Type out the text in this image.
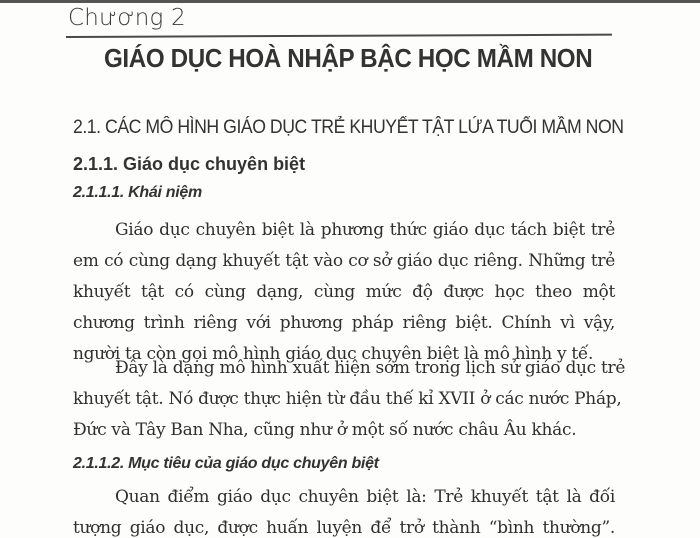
Chương 2
GIÁO DỤC HOÀ NHẬP BẬC HỌC MẦM NON
2.1. CÁC MÔ HÌNH GIÁO DỤC TRẺ KHUYẾT TẬT LỨA TUỔI MẦM NON
2.1.1. Giáo dục chuyên biệt
2.1.1.1. Khái niệm
Giáo dục chuyên biệt là phương thức giáo dục tách biệt trẻ
em có cùng dạng khuyết tật vào cơ sở giáo dục riêng. Những trẻ
khuyết tật có cùng dạng, cùng mức độ được học theo một
chương trình riêng với phương pháp riêng biệt. Chính vì vậy,
người ta còn gọi mô hình giáo dục chuyên biệt là mô hình y tế.
Đây là dạng mô hình xuất hiện sớm trong lịch sử giáo dục trẻ
khuyết tật. Nó được thực hiện từ đầu thế kỉ XVII ở các nước Pháp,
Đức và Tây Ban Nha, cũng như ở một số nước châu Âu khác.
2.1.1.2. Mục tiêu của giáo dục chuyên biệt
Quan điểm giáo dục chuyên biệt là: Trẻ khuyết tật là đối
tượng giáo dục, được huấn luyện để trở thành “bình thường”.
